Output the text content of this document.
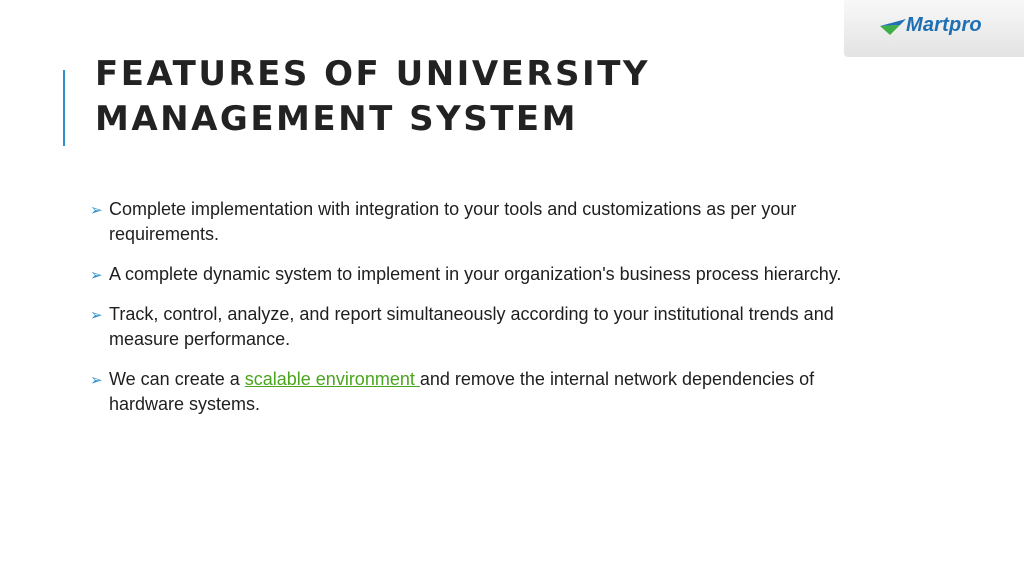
FEATURES OF UNIVERSITY MANAGEMENT SYSTEM
Martpro
➢ Complete implementation with integration to your tools and customizations as per your requirements.
➢ A complete dynamic system to implement in your organization's business process hierarchy.
➢ Track, control, analyze, and report simultaneously according to your institutional trends and measure performance.
➢ We can create a scalable environment and remove the internal network dependencies of hardware systems.
